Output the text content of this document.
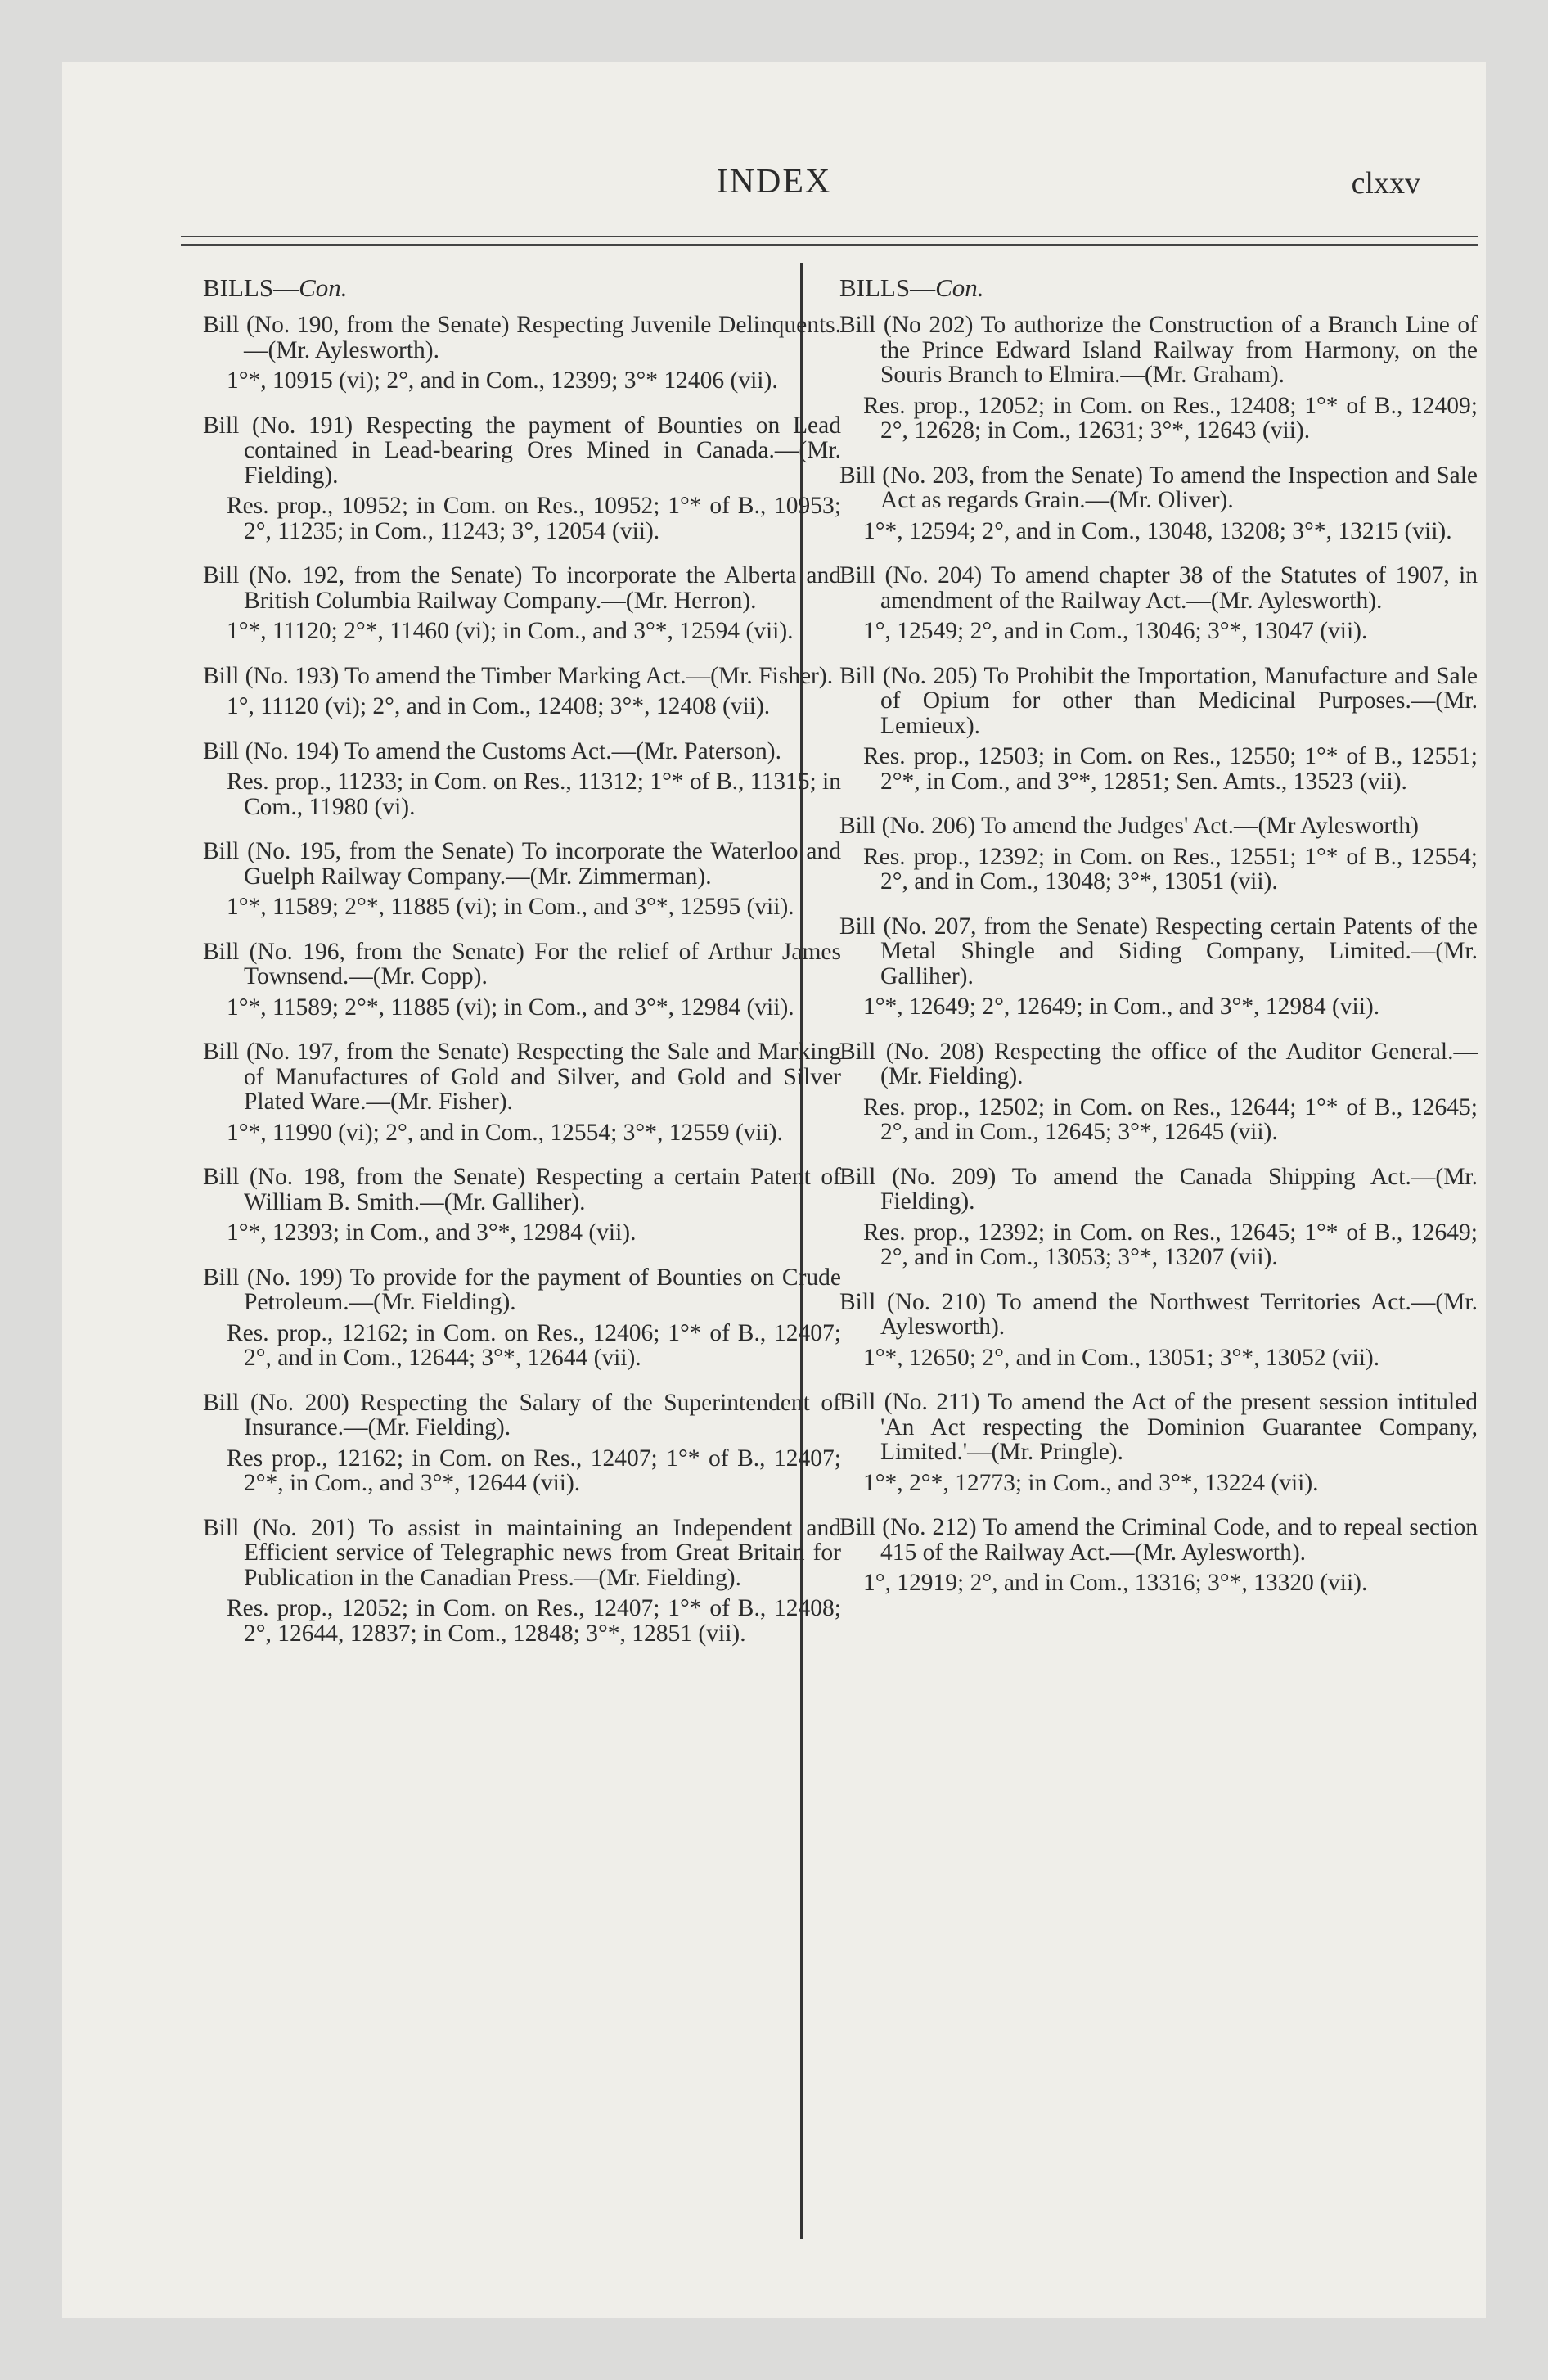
INDEX	clxxv
BILLS—Con.

Bill (No. 190, from the Senate) Respecting Juvenile Delinquents.—(Mr. Aylesworth).

1°*, 10915 (vi); 2°, and in Com., 12399; 3°* 12406 (vii).

Bill (No. 191) Respecting the payment of Bounties on Lead contained in Lead-bearing Ores Mined in Canada.—(Mr. Fielding).

Res. prop., 10952; in Com. on Res., 10952; 1°* of B., 10953; 2°, 11235; in Com., 11243; 3°, 12054 (vii).

Bill (No. 192, from the Senate) To incorporate the Alberta and British Columbia Railway Company.—(Mr. Herron).

1°*, 11120; 2°*, 11460 (vi); in Com., and 3°*, 12594 (vii).

Bill (No. 193) To amend the Timber Marking Act.—(Mr. Fisher).

1°, 11120 (vi); 2°, and in Com., 12408; 3°*, 12408 (vii).

Bill (No. 194) To amend the Customs Act.—(Mr. Paterson).

Res. prop., 11233; in Com. on Res., 11312; 1°* of B., 11315; in Com., 11980 (vi).

Bill (No. 195, from the Senate) To incorporate the Waterloo and Guelph Railway Company.—(Mr. Zimmerman).

1°*, 11589; 2°*, 11885 (vi); in Com., and 3°*, 12595 (vii).

Bill (No. 196, from the Senate) For the relief of Arthur James Townsend.—(Mr. Copp).

1°*, 11589; 2°*, 11885 (vi); in Com., and 3°*, 12984 (vii).

Bill (No. 197, from the Senate) Respecting the Sale and Marking of Manufactures of Gold and Silver, and Gold and Silver Plated Ware.—(Mr. Fisher).

1°*, 11990 (vi); 2°, and in Com., 12554; 3°*, 12559 (vii).

Bill (No. 198, from the Senate) Respecting a certain Patent of William B. Smith.—(Mr. Galliher).

1°*, 12393; in Com., and 3°*, 12984 (vii).

Bill (No. 199) To provide for the payment of Bounties on Crude Petroleum.—(Mr. Fielding).

Res. prop., 12162; in Com. on Res., 12406; 1°* of B., 12407; 2°, and in Com., 12644; 3°*, 12644 (vii).

Bill (No. 200) Respecting the Salary of the Superintendent of Insurance.—(Mr. Fielding).

Res prop., 12162; in Com. on Res., 12407; 1°* of B., 12407; 2°*, in Com., and 3°*, 12644 (vii).

Bill (No. 201) To assist in maintaining an Independent and Efficient service of Telegraphic news from Great Britain for Publication in the Canadian Press.—(Mr. Fielding).

Res. prop., 12052; in Com. on Res., 12407; 1°* of B., 12408; 2°, 12644, 12837; in Com., 12848; 3°*, 12851 (vii).

BILLS—Con.

Bill (No 202) To authorize the Construction of a Branch Line of the Prince Edward Island Railway from Harmony, on the Souris Branch to Elmira.—(Mr. Graham).

Res. prop., 12052; in Com. on Res., 12408; 1°* of B., 12409; 2°, 12628; in Com., 12631; 3°*, 12643 (vii).

Bill (No. 203, from the Senate) To amend the Inspection and Sale Act as regards Grain.—(Mr. Oliver).

1°*, 12594; 2°, and in Com., 13048, 13208; 3°*, 13215 (vii).

Bill (No. 204) To amend chapter 38 of the Statutes of 1907, in amendment of the Railway Act.—(Mr. Aylesworth).

1°, 12549; 2°, and in Com., 13046; 3°*, 13047 (vii).

Bill (No. 205) To Prohibit the Importation, Manufacture and Sale of Opium for other than Medicinal Purposes.—(Mr. Lemieux).

Res. prop., 12503; in Com. on Res., 12550; 1°* of B., 12551; 2°*, in Com., and 3°*, 12851; Sen. Amts., 13523 (vii).

Bill (No. 206) To amend the Judges' Act.—(Mr Aylesworth)

Res. prop., 12392; in Com. on Res., 12551; 1°* of B., 12554; 2°, and in Com., 13048; 3°*, 13051 (vii).

Bill (No. 207, from the Senate) Respecting certain Patents of the Metal Shingle and Siding Company, Limited.—(Mr. Galliher).

1°*, 12649; 2°, 12649; in Com., and 3°*, 12984 (vii).

Bill (No. 208) Respecting the office of the Auditor General.—(Mr. Fielding).

Res. prop., 12502; in Com. on Res., 12644; 1°* of B., 12645; 2°, and in Com., 12645; 3°*, 12645 (vii).

Bill (No. 209) To amend the Canada Shipping Act.—(Mr. Fielding).

Res. prop., 12392; in Com. on Res., 12645; 1°* of B., 12649; 2°, and in Com., 13053; 3°*, 13207 (vii).

Bill (No. 210) To amend the Northwest Territories Act.—(Mr. Aylesworth).

1°*, 12650; 2°, and in Com., 13051; 3°*, 13052 (vii).

Bill (No. 211) To amend the Act of the present session intituled 'An Act respecting the Dominion Guarantee Company, Limited.'—(Mr. Pringle).

1°*, 2°*, 12773; in Com., and 3°*, 13224 (vii).

Bill (No. 212) To amend the Criminal Code, and to repeal section 415 of the Railway Act.—(Mr. Aylesworth).

1°, 12919; 2°, and in Com., 13316; 3°*, 13320 (vii).
